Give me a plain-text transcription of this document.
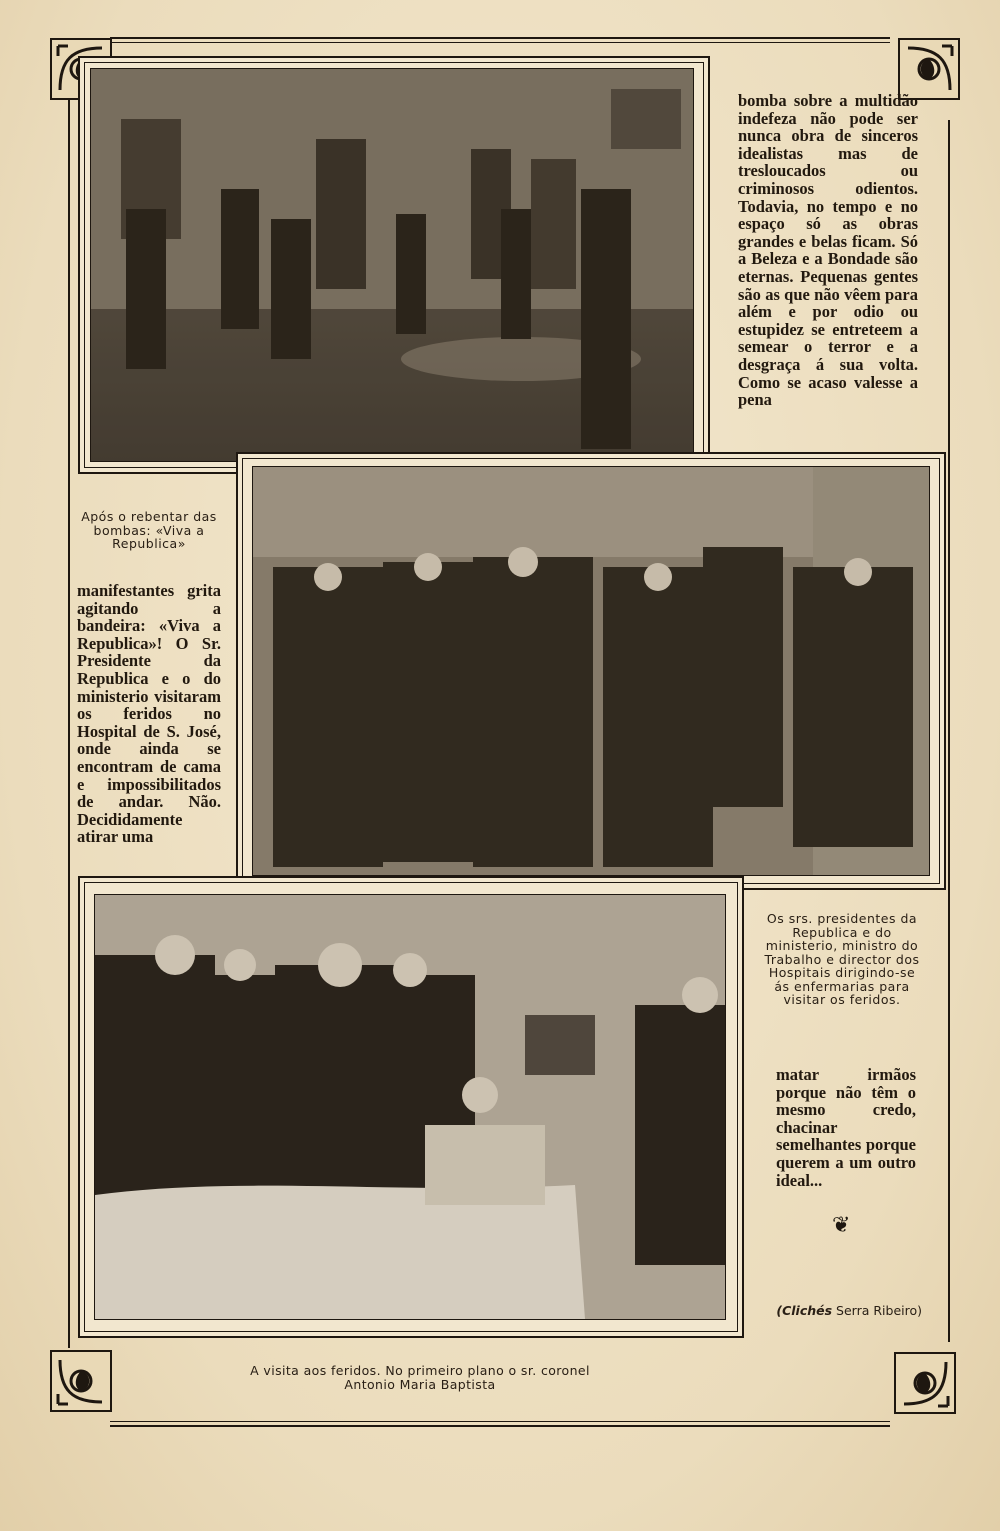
bomba sobre a multidão indefeza não pode ser nunca obra de sinceros idealistas mas de tresloucados ou criminosos odientos. Todavia, no tempo e no espaço só as obras grandes e belas ficam. Só a Beleza e a Bondade são eternas. Pequenas gentes são as que não vêem para além e por odio ou estupidez se entreteem a semear o terror e a desgraça á sua volta. Como se acaso valesse a pena
Após o rebentar das bombas: «Viva a Republica»
manifestantes grita agitando a bandeira: «Viva a Republica»! O Sr. Presidente da Republica e o do ministerio visitaram os feridos no Hospital de S. José, onde ainda se encontram de cama e impossibilitados de andar. Não. Decididamente atirar uma
Os srs. presidentes da Republica e do ministerio, ministro do Trabalho e director dos Hospitais dirigindo-se ás enfermarias para visitar os feridos.
matar irmãos porque não têm o mesmo credo, chacinar semelhantes porque querem a um outro ideal...
❦
(Clichés Serra Ribeiro)
A visita aos feridos. No primeiro plano o sr. coronel
Antonio Maria Baptista
